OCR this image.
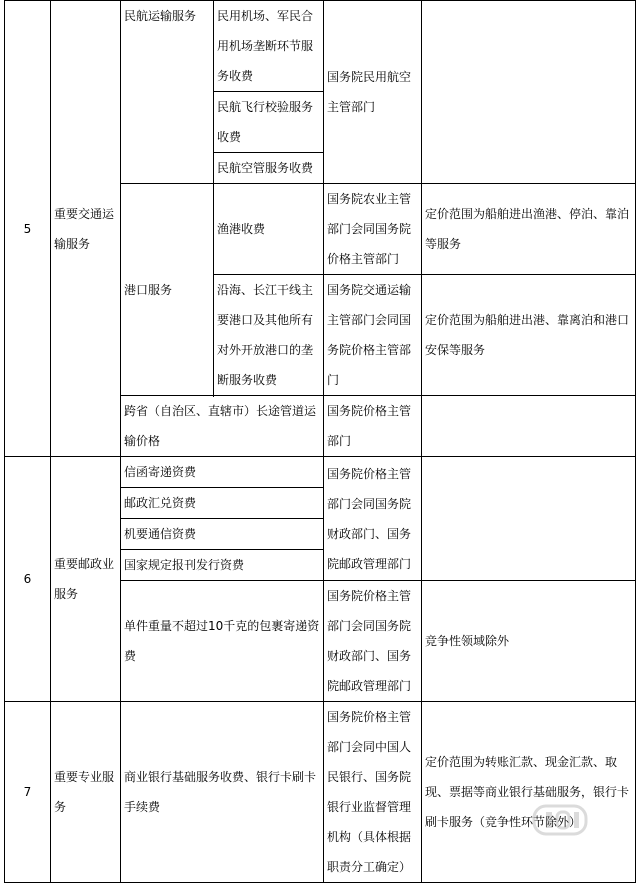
5	重要交通运输服务	民航运输服务	民用机场、军民合用机场垄断环节服务收费	国务院民用航空主管部门	
			民航飞行校验服务收费		
			民航空管服务收费		
		港口服务	渔港收费	国务院农业主管部门会同国务院价格主管部门	定价范围为船舶进出渔港、停泊、靠泊等服务

			沿海、长江干线主要港口及其他所有对外开放港口的垄断服务收费	国务院交通运输主管部门会同国务院价格主管部门	定价范围为船舶进出港、靠离泊和港口安保等服务

		跨省（自治区、直辖市）长途管道运输价格		国务院价格主管部门	
6	重要邮政业服务	信函寄递资费		国务院价格主管部门会同国务院财政部门、国务院邮政管理部门	
		邮政汇兑资费			
		机要通信资费			
		国家规定报刊发行资费			
		单件重量不超过10千克的包裹寄递资费		国务院价格主管部门会同国务院财政部门、国务院邮政管理部门	竞争性领域除外
7	重要专业服务	商业银行基础服务收费、银行卡刷卡手续费		国务院价格主管部门会同中国人民银行、国务院银行业监督管理机构（具体根据职责分工确定）	定价范围为转账汇款、现金汇款、取现、票据等商业银行基础服务，银行卡刷卡服务（竞争性环节除外）
